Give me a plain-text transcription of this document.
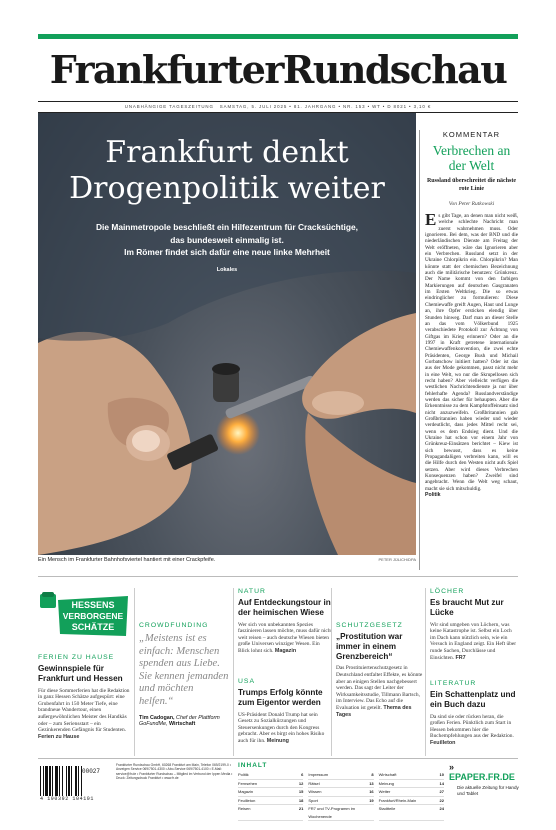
FrankfurterRundschau
UNABHÄNGIGE TAGESZEITUNG SAMSTAG, 5. JULI 2025 • 81. JAHRGANG • NR. 153 • WT • D 8021 • 3,10 €
Frankfurt denkt
Drogenpolitik weiter
Die Mainmetropole beschließt ein Hilfezentrum für Cracksüchtige,
das bundesweit einmalig ist.
Im Römer findet sich dafür eine neue linke Mehrheit
Lokales
Ein Mensch im Frankfurter Bahnhofsviertel hantiert mit einer Crackpfeife.	PETER JÜLICH/DPA
KOMMENTAR
Verbrechen an der Welt
Russland überschreitet die nächste rote Linie
Von Peter Rutkowski
Es gibt Tage, an denen man nicht weiß, welche schlechte Nachricht man zuerst wahrnehmen muss. Oder ignorieren. Bei dem, was der BND und die niederländischen Dienste am Freitag der Welt eröffneten, wäre das Ignorieren aber ein Verbrechen. Russland setzt in der Ukraine Chlorpikrin ein. Chlorpikrin? Man könnte statt der chemischen Bezeichnung auch die militärische benutzen: Grünkreuz. Der Name kommt von den farbigen Markierungen auf deutschen Gasgranaten im Ersten Weltkrieg. Die so etwas eindringlicher zu formulieren: Diese Chemiewaffe greift Augen, Haut und Lunge an, ihre Opfer ersticken elendig über Stunden hinweg. Darf man an dieser Stelle an das vom Völkerbund 1925 verabschiedete Protokoll zur Ächtung von Giftgas im Krieg erinnern? Oder an die 1997 in Kraft getretene internationale Chemiewaffenkonvention, die zwei echte Präsidenten, George Bush und Michail Gorbatschow initiiert hatten? Oder ist das aus der Mode gekommen, passt nicht mehr in eine Welt, wo nur die Skrupellosen sich recht haben? Aber vielleicht verfügen die westlichen Nachrichtendienste ja nur über fehlerhafte Agenda? Russlandverständige werden das sicher für behaupten. Aber die Erkenntnisse zu dem Kampfstoffeinsatz sind nicht anzuzweifeln. Großbritannien gab Großbritannien haben wieder und wieder verdeutlicht, dass jedes Mittel recht sei, wenn es dem Endsieg dient. Und die Ukraine hat schon vor einem Jahr von Grünkreuz-Einsätzen berichtet – Kiew ist sich bewusst, dass es keine Propagandalügen verbreiten kann, will es die Hilfe durch den Westen nicht aufs Spiel setzen. Aber wird dieses Verbrechen Konsequenzen haben? Zweifel sind angebracht. Wenn die Welt weg schaut, macht sie sich mitschuldig.
Politik
HESSENS
VERBORGENE
SCHÄTZE
FERIEN ZU HAUSE
Gewinnspiele für Frankfurt und Hessen
Für diese Sommerferien hat die Redaktion in ganz Hessen Schätze aufgespürt: eine Grubenfahrt in 150 Meter Tiefe, eine brandneue Wandertour, einen außergewöhnlichen Meister des Handkäs oder – zum Seriensstart – ein Gezinkerenden Gefängnis für Studenten. Ferien zu Hause
CROWDFUNDING
„Meistens ist es einfach: Menschen spenden aus Liebe. Sie kennen jemanden und möchten helfen.“
Tim Cadogan, Chef der Plattform GoFundMe, Wirtschaft
NATUR
Auf Entdeckungstour in der heimischen Wiese
Wer sich von unbekannten Spezies faszinieren lassen möchte, muss dafür nicht weit reisen – auch deutsche Wiesen bieten große Universen winziger Wesen. Ein Blick lohnt sich. Magazin
USA
Trumps Erfolg könnte zum Eigentor werden
US-Präsident Donald Trump hat sein Gesetz zu Sozialkürzungen und Steuersenkungen durch den Kongress gebracht. Aber es birgt ein hohes Risiko auch für ihn. Meinung
SCHUTZGESETZ
„Prostitution war immer in einem Grenzbereich“
Das Prostituiertenschutzgesetz in Deutschland entfaltet Effekte, es könnte aber an einigen Stellen nachgebessert werden. Das sagt der Leiter der Wirksamkeitsstudie, Tillmann Bartsch, im Interview. Das Echo auf die Evaluation ist geteilt. Thema des Tages
LÖCHER
Es braucht Mut zur Lücke
Wir sind umgeben von Löchern, was keine Katastrophe ist. Selbst ein Loch im Dach kann nützlich sein, wie ein Versuch in England zeigt. Ein Heft über runde Sachen, Durchlässe und Einsichten. FR7
LITERATUR
Ein Schattenplatz und ein Buch dazu
Da sind sie oder rücken heran, die großen Ferien. Pünktlich zum Start in Hessen bekommen hier die Buchempfehlungen aus der Redaktion. Feuilleton
4 190392 104101
00027
Frankfurter Rundschau GmbH, 60268 Frankfurt am Main, Telefon 069/2199-0 • Anzeigen Service 069/7501-4300 • Abo-Service 069/7501-4100 • E-Mail: service@fr.de • Frankfurter Rundschau – Mitglied im Verbund der Ippen Media • Druck: Zeitungsdruck Frankfurt • www.fr.de
INHALT
Politik	6 Impressum	8 Wirtschaft	10
Fernsehen	12 Rätsel	13 Meinung	14
Magazin	15 Wissen	16 Wetter	27
Feuilleton	18 Sport	19 Frankfurt/Rhein-Main	22
Reisen	21 FR7 und TV-Programm im Wochenende
Stadtteile	24
» EPAPER.FR.DE
Die aktuelle Zeitung für Handy und Tablet
